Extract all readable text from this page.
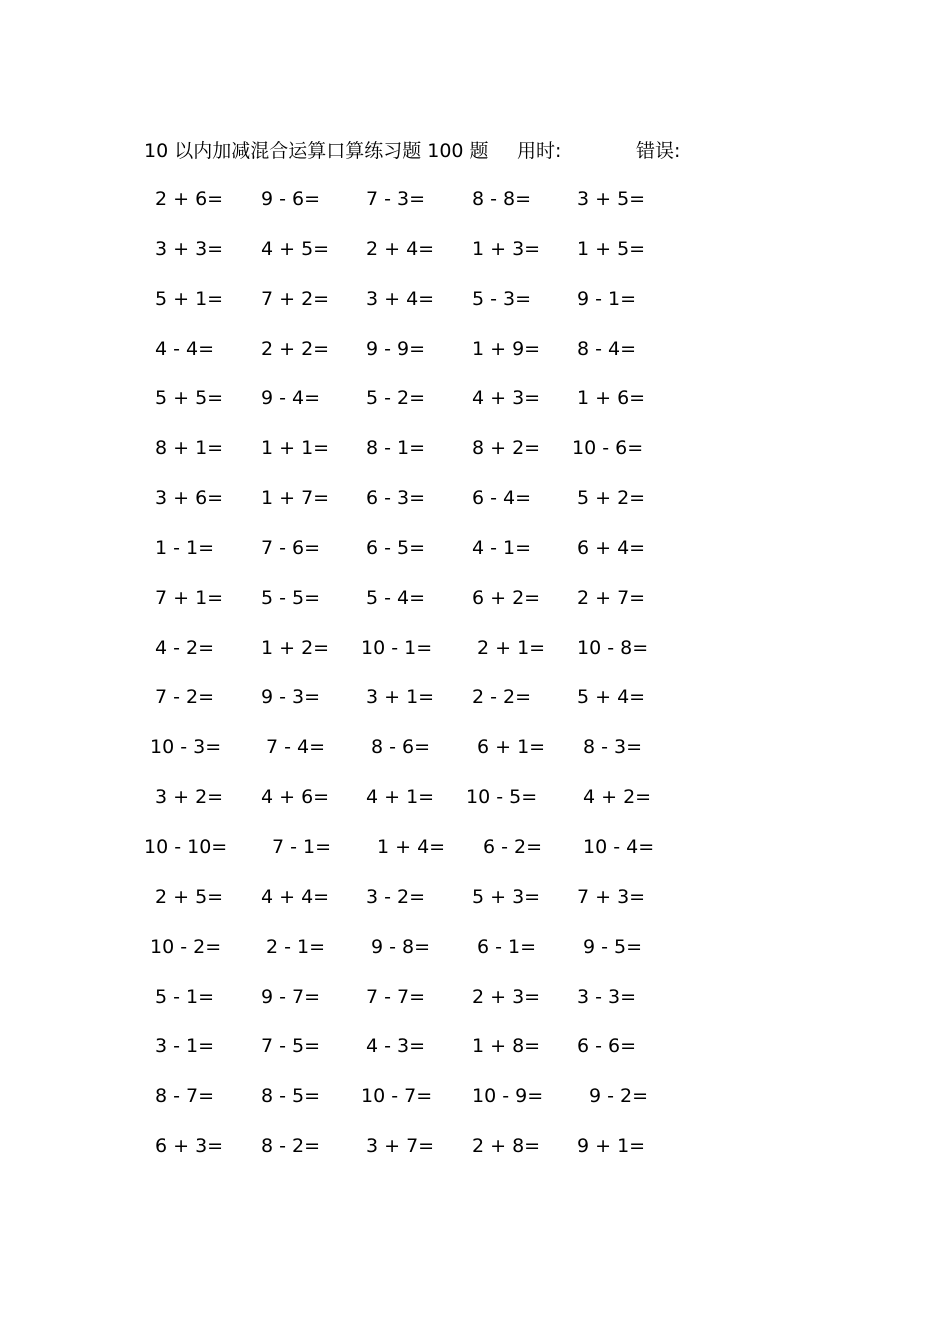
10 以内加减混合运算口算练习题 100 题 用时:	错误:
2 + 6= 9 - 6= 7 - 3= 8 - 8= 3 + 5=
3 + 3= 4 + 5= 2 + 4= 1 + 3= 1 + 5=
5 + 1= 7 + 2= 3 + 4= 5 - 3= 9 - 1=
4 - 4= 2 + 2= 9 - 9= 1 + 9= 8 - 4=
5 + 5= 9 - 4= 5 - 2= 4 + 3= 1 + 6=
8 + 1= 1 + 1= 8 - 1= 8 + 2= 10 - 6=
3 + 6= 1 + 7= 6 - 3= 6 - 4= 5 + 2=
1 - 1= 7 - 6= 6 - 5= 4 - 1= 6 + 4=
7 + 1= 5 - 5= 5 - 4= 6 + 2= 2 + 7=
4 - 2= 1 + 2= 10 - 1= 2 + 1= 10 - 8=
7 - 2= 9 - 3= 3 + 1= 2 - 2= 5 + 4=
10 - 3= 7 - 4= 8 - 6= 6 + 1= 8 - 3=
3 + 2= 4 + 6= 4 + 1= 10 - 5= 4 + 2=
10 - 10= 7 - 1= 1 + 4= 6 - 2= 10 - 4=
2 + 5= 4 + 4= 3 - 2= 5 + 3= 7 + 3=
10 - 2= 2 - 1= 9 - 8= 6 - 1= 9 - 5=
5 - 1= 9 - 7= 7 - 7= 2 + 3= 3 - 3=
3 - 1= 7 - 5= 4 - 3= 1 + 8= 6 - 6=
8 - 7= 8 - 5= 10 - 7= 10 - 9= 9 - 2=
6 + 3= 8 - 2= 3 + 7= 2 + 8= 9 + 1=
